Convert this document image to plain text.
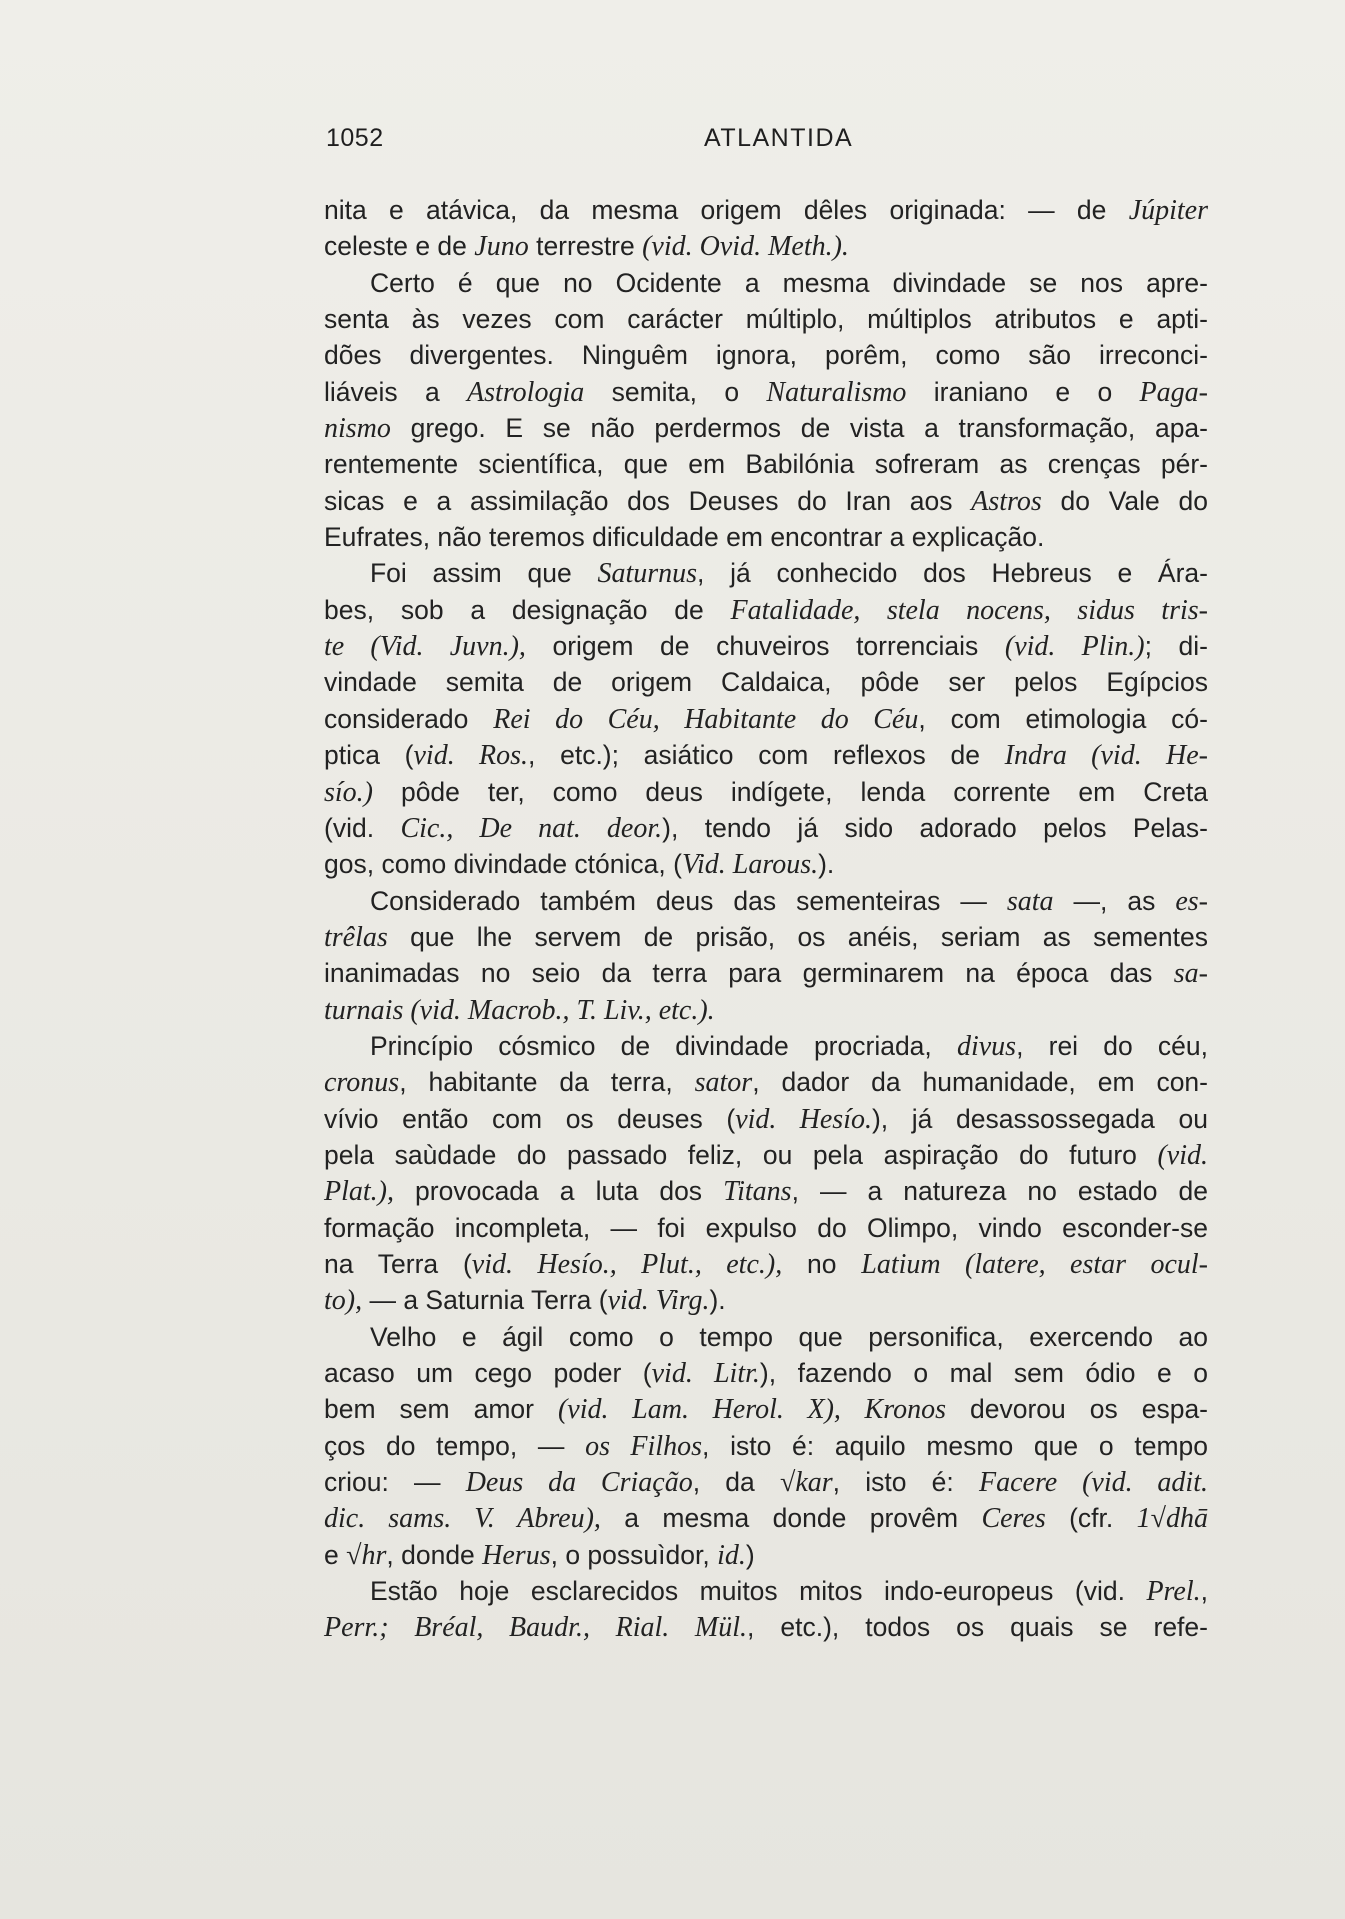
1052	ATLANTIDA
nita e atávica, da mesma origem dêles originada: — de Júpiter
celeste e de Juno terrestre (vid. Ovid. Meth.).
Certo é que no Ocidente a mesma divindade se nos apre-
senta às vezes com carácter múltiplo, múltiplos atributos e apti-
dões divergentes. Ninguêm ignora, porêm, como são irreconci-
liáveis a Astrologia semita, o Naturalismo iraniano e o Paga-
nismo grego. E se não perdermos de vista a transformação, apa-
rentemente scientífica, que em Babilónia sofreram as crenças pér-
sicas e a assimilação dos Deuses do Iran aos Astros do Vale do
Eufrates, não teremos dificuldade em encontrar a explicação.
Foi assim que Saturnus, já conhecido dos Hebreus e Ára-
bes, sob a designação de Fatalidade, stela nocens, sidus tris-
te (Vid. Juvn.), origem de chuveiros torrenciais (vid. Plin.); di-
vindade semita de origem Caldaica, pôde ser pelos Egípcios
considerado Rei do Céu, Habitante do Céu, com etimologia có-
ptica (vid. Ros., etc.); asiático com reflexos de Indra (vid. He-
sío.) pôde ter, como deus indígete, lenda corrente em Creta
(vid. Cic., De nat. deor.), tendo já sido adorado pelos Pelas-
gos, como divindade ctónica, (Vid. Larous.).
Considerado também deus das sementeiras — sata —, as es-
trêlas que lhe servem de prisão, os anéis, seriam as sementes
inanimadas no seio da terra para germinarem na época das sa-
turnais (vid. Macrob., T. Liv., etc.).
Princípio cósmico de divindade procriada, divus, rei do céu,
cronus, habitante da terra, sator, dador da humanidade, em con-
vívio então com os deuses (vid. Hesío.), já desassossegada ou
pela saùdade do passado feliz, ou pela aspiração do futuro (vid.
Plat.), provocada a luta dos Titans, — a natureza no estado de
formação incompleta, — foi expulso do Olimpo, vindo esconder-se
na Terra (vid. Hesío., Plut., etc.), no Latium (latere, estar ocul-
to), — a Saturnia Terra (vid. Virg.).
Velho e ágil como o tempo que personifica, exercendo ao
acaso um cego poder (vid. Litr.), fazendo o mal sem ódio e o
bem sem amor (vid. Lam. Herol. X), Kronos devorou os espa-
ços do tempo, — os Filhos, isto é: aquilo mesmo que o tempo
criou: — Deus da Criação, da √kar, isto é: Facere (vid. adit.
dic. sams. V. Abreu), a mesma donde provêm Ceres (cfr. 1√dhā
e √hr, donde Herus, o possuìdor, id.)
Estão hoje esclarecidos muitos mitos indo-europeus (vid. Prel.,
Perr.; Bréal, Baudr., Rial. Mül., etc.), todos os quais se refe-
